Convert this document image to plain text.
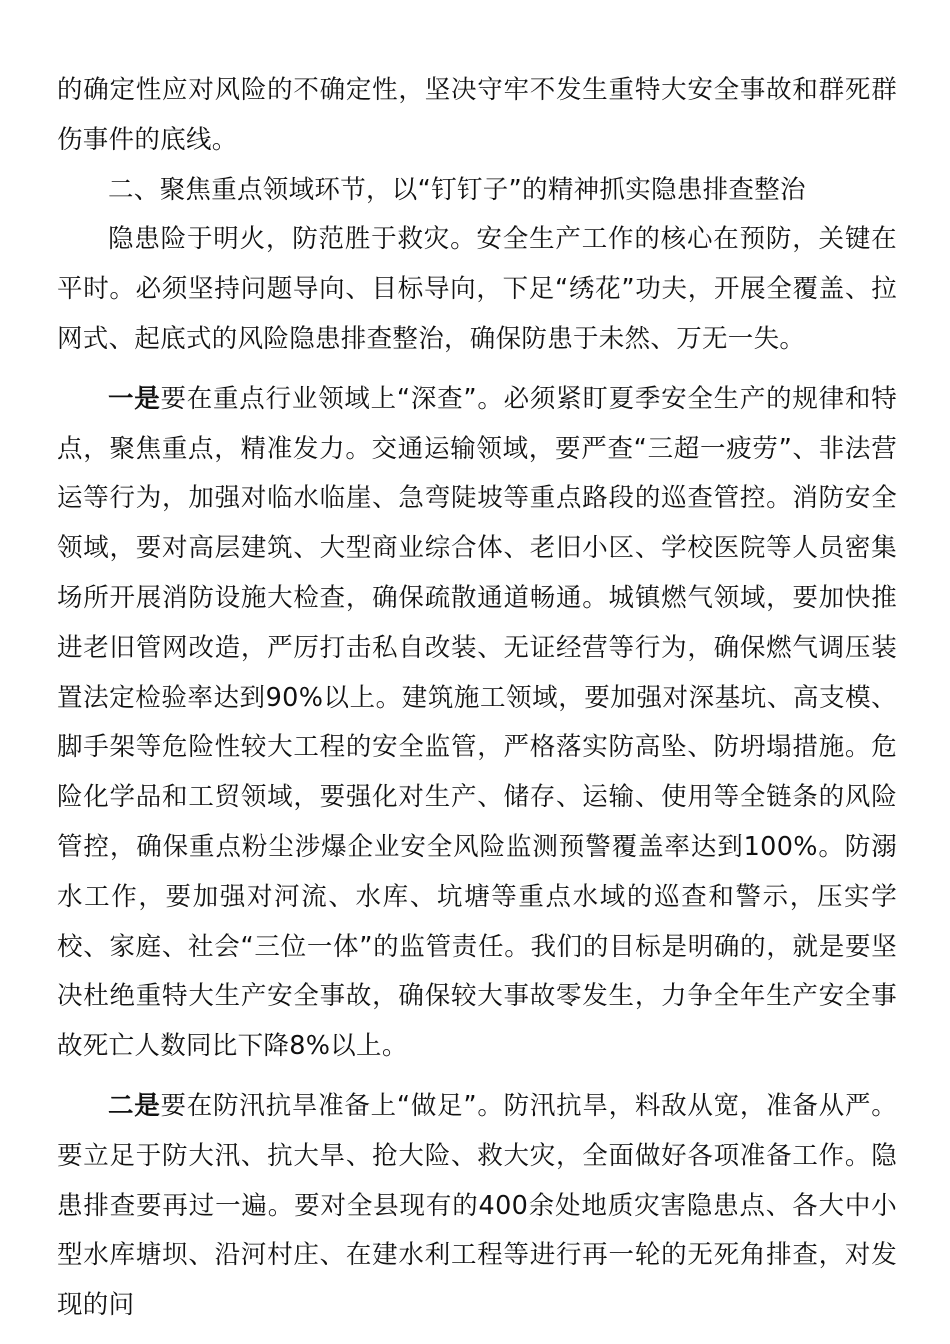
的确定性应对风险的不确定性，坚决守牢不发生重特大安全事故和群死群伤事件的底线。

二、聚焦重点领域环节，以“钉钉子”的精神抓实隐患排查整治

隐患险于明火，防范胜于救灾。安全生产工作的核心在预防，关键在平时。必须坚持问题导向、目标导向，下足“绣花”功夫，开展全覆盖、拉网式、起底式的风险隐患排查整治，确保防患于未然、万无一失。

一是要在重点行业领域上“深查”。必须紧盯夏季安全生产的规律和特点，聚焦重点，精准发力。交通运输领域，要严查“三超一疲劳”、非法营运等行为，加强对临水临崖、急弯陡坡等重点路段的巡查管控。消防安全领域，要对高层建筑、大型商业综合体、老旧小区、学校医院等人员密集场所开展消防设施大检查，确保疏散通道畅通。城镇燃气领域，要加快推进老旧管网改造，严厉打击私自改装、无证经营等行为，确保燃气调压装置法定检验率达到90%以上。建筑施工领域，要加强对深基坑、高支模、脚手架等危险性较大工程的安全监管，严格落实防高坠、防坍塌措施。危险化学品和工贸领域，要强化对生产、储存、运输、使用等全链条的风险管控，确保重点粉尘涉爆企业安全风险监测预警覆盖率达到100%。防溺水工作，要加强对河流、水库、坑塘等重点水域的巡查和警示，压实学校、家庭、社会“三位一体”的监管责任。我们的目标是明确的，就是要坚决杜绝重特大生产安全事故，确保较大事故零发生，力争全年生产安全事故死亡人数同比下降8%以上。

二是要在防汛抗旱准备上“做足”。防汛抗旱，料敌从宽，准备从严。要立足于防大汛、抗大旱、抢大险、救大灾，全面做好各项准备工作。隐患排查要再过一遍。要对全县现有的400余处地质灾害隐患点、各大中小型水库塘坝、沿河村庄、在建水利工程等进行再一轮的无死角排查，对发现的问
